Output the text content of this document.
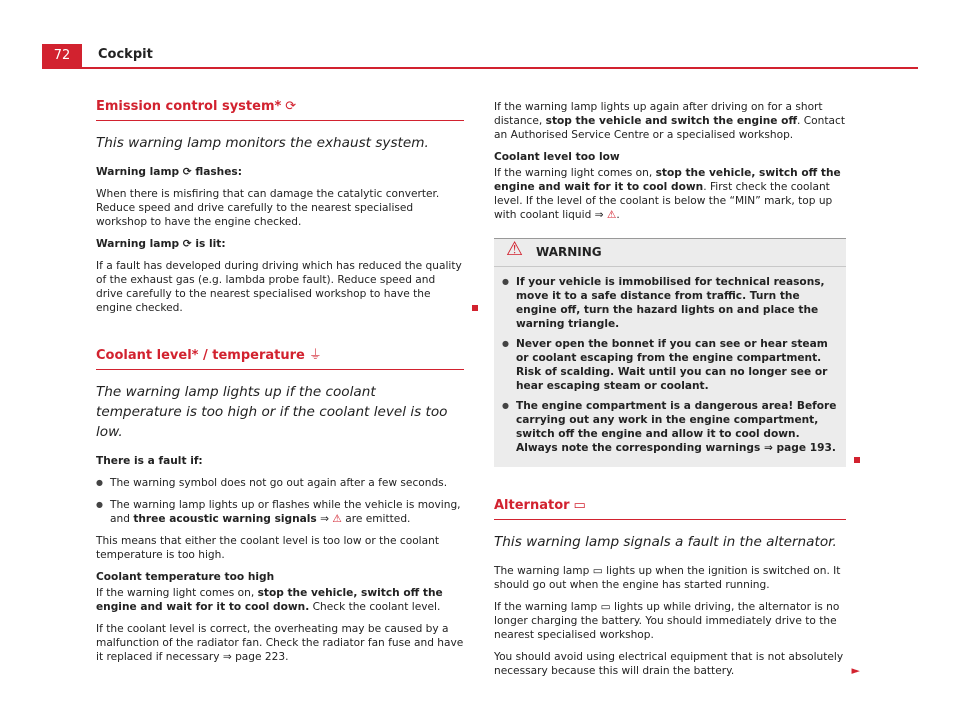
72	Cockpit
Emission control system* ⟳

This warning lamp monitors the exhaust system.

Warning lamp ⟳ flashes:

When there is misfiring that can damage the catalytic converter. Reduce speed and drive carefully to the nearest specialised workshop to have the engine checked.

Warning lamp ⟳ is lit:

If a fault has developed during driving which has reduced the quality of the exhaust gas (e.g. lambda probe fault). Reduce speed and drive carefully to the nearest specialised workshop to have the engine checked.

Coolant level* / temperature ⏚

The warning lamp lights up if the coolant temperature is too high or if the coolant level is too low.

There is a fault if:

● The warning symbol does not go out again after a few seconds.

● The warning lamp lights up or flashes while the vehicle is moving, and three acoustic warning signals ⇒ ⚠ are emitted.

This means that either the coolant level is too low or the coolant temperature is too high.

Coolant temperature too high

If the warning light comes on, stop the vehicle, switch off the engine and wait for it to cool down. Check the coolant level.

If the coolant level is correct, the overheating may be caused by a malfunction of the radiator fan. Check the radiator fan fuse and have it replaced if necessary ⇒ page 223.

If the warning lamp lights up again after driving on for a short distance, stop the vehicle and switch the engine off. Contact an Authorised Service Centre or a specialised workshop.

Coolant level too low

If the warning light comes on, stop the vehicle, switch off the engine and wait for it to cool down. First check the coolant level. If the level of the coolant is below the “MIN” mark, top up with coolant liquid ⇒ ⚠.

⚠ WARNING

● If your vehicle is immobilised for technical reasons, move it to a safe distance from traffic. Turn the engine off, turn the hazard lights on and place the warning triangle.

● Never open the bonnet if you can see or hear steam or coolant escaping from the engine compartment. Risk of scalding. Wait until you can no longer see or hear escaping steam or coolant.

● The engine compartment is a dangerous area! Before carrying out any work in the engine compartment, switch off the engine and allow it to cool down. Always note the corresponding warnings ⇒ page 193.

Alternator ▭

This warning lamp signals a fault in the alternator.

The warning lamp ▭ lights up when the ignition is switched on. It should go out when the engine has started running.

If the warning lamp ▭ lights up while driving, the alternator is no longer charging the battery. You should immediately drive to the nearest specialised workshop.

You should avoid using electrical equipment that is not absolutely necessary because this will drain the battery.	►
